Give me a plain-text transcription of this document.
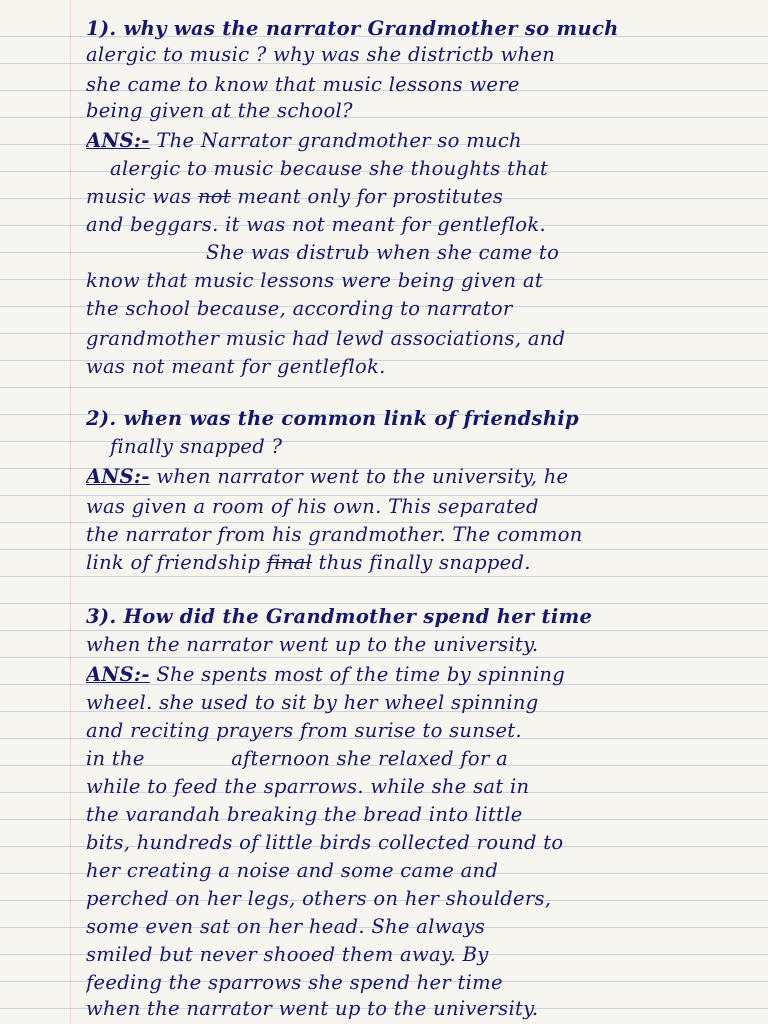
1). why was the narrator Grandmother so much
alergic to music ? why was she districtb when
she came to know that music lessons were
being given at the school?
ANS:- The Narrator grandmother so much
alergic to music because she thoughts that
music was not meant only for prostitutes
and beggars. it was not meant for gentleflok.
She was distrub when she came to
know that music lessons were being given at
the school because, according to narrator
grandmother music had lewd associations, and
was not meant for gentleflok.
2). when was the common link of friendship
finally snapped ?
ANS:- when narrator went to the university, he
was given a room of his own. This separated
the narrator from his grandmother. The common
link of friendship final thus finally snapped.
3). How did the Grandmother spend her time
when the narrator went up to the university.
ANS:- She spents most of the time by spinning
wheel. she used to sit by her wheel spinning
and reciting prayers from surise to sunset.
in the	afternoon she relaxed for a
while to feed the sparrows. while she sat in
the varandah breaking the bread into little
bits, hundreds of little birds collected round to
her creating a noise and some came and
perched on her legs, others on her shoulders,
some even sat on her head. She always
smiled but never shooed them away. By
feeding the sparrows she spend her time
when the narrator went up to the university.
